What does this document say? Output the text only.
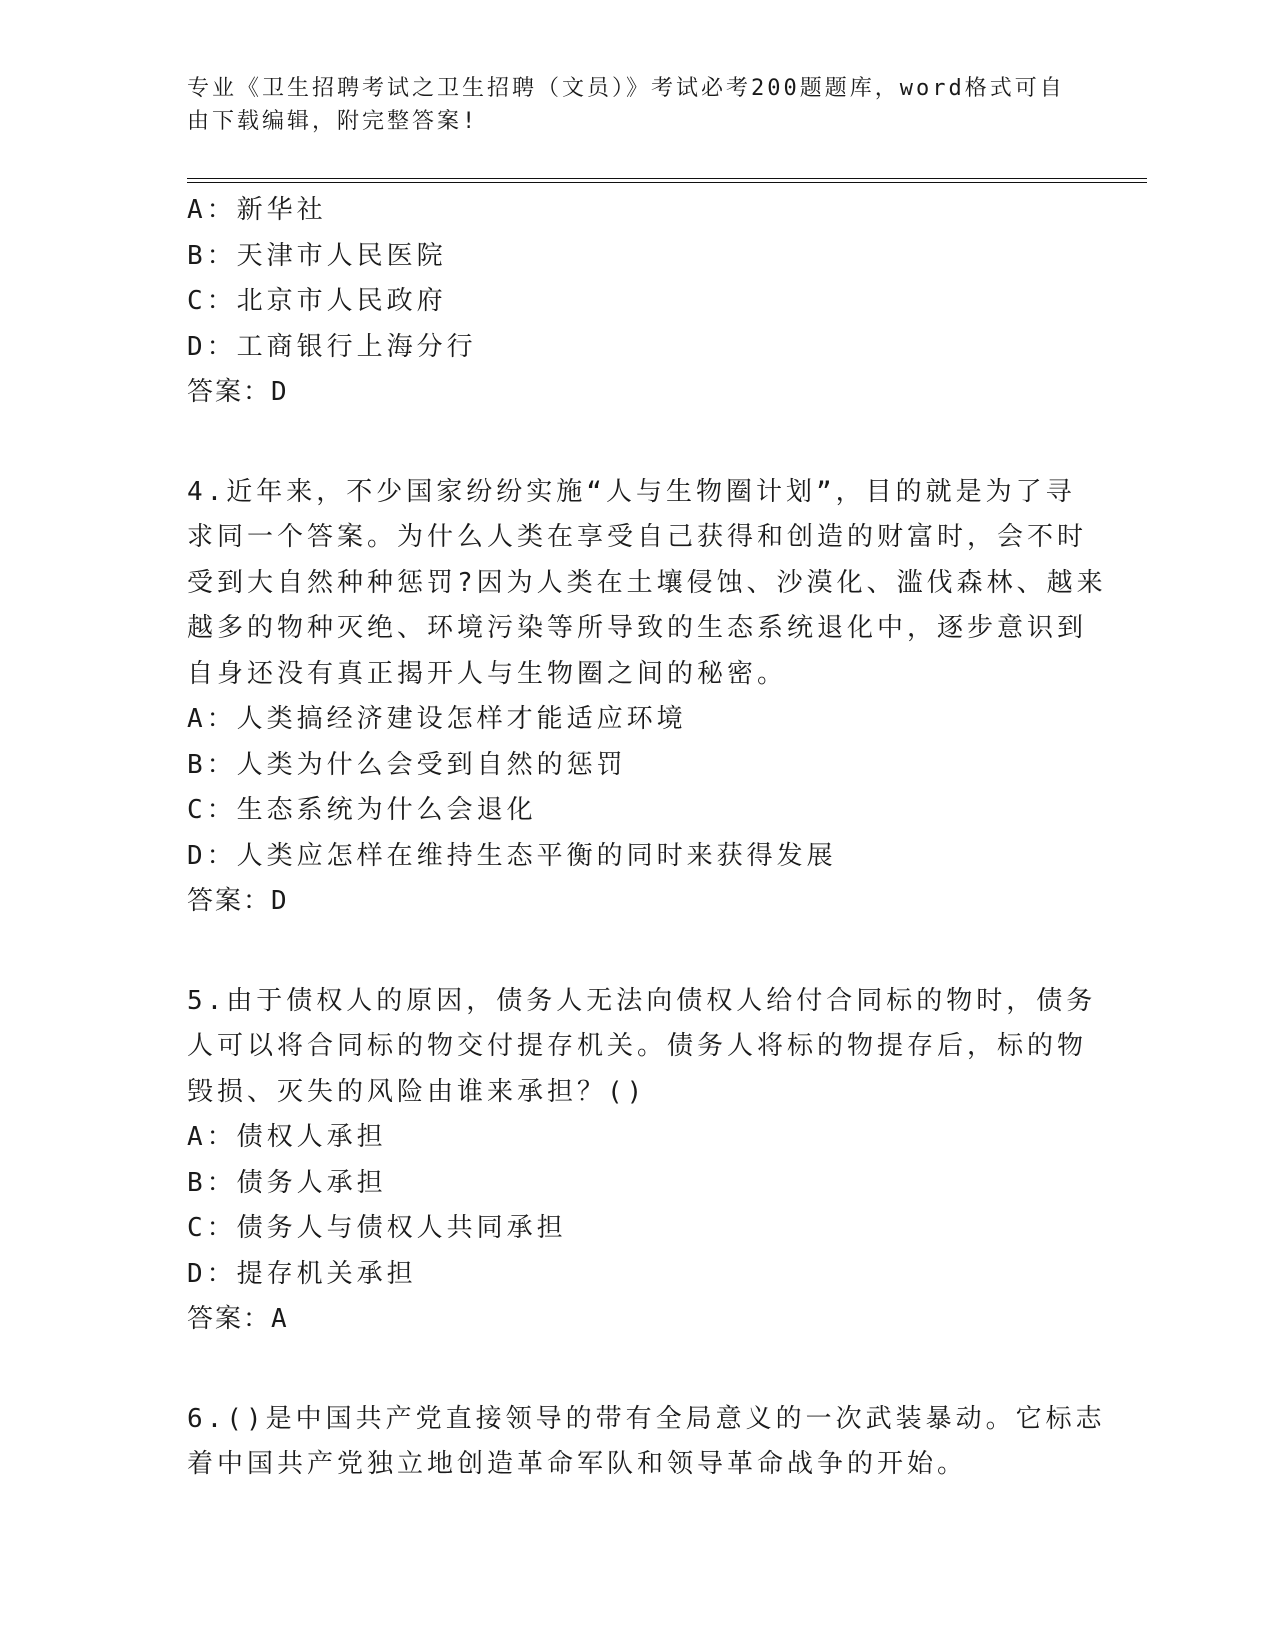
专业《卫生招聘考试之卫生招聘（文员）》考试必考200题题库，word格式可自
由下载编辑，附完整答案!
A：新华社
B：天津市人民医院
C：北京市人民政府
D：工商银行上海分行
答案：D
4.近年来，不少国家纷纷实施“人与生物圈计划”，目的就是为了寻
求同一个答案。为什么人类在享受自己获得和创造的财富时，会不时
受到大自然种种惩罚?因为人类在土壤侵蚀、沙漠化、滥伐森林、越来
越多的物种灭绝、环境污染等所导致的生态系统退化中，逐步意识到
自身还没有真正揭开人与生物圈之间的秘密。
A：人类搞经济建设怎样才能适应环境
B：人类为什么会受到自然的惩罚
C：生态系统为什么会退化
D：人类应怎样在维持生态平衡的同时来获得发展
答案：D
5.由于债权人的原因，债务人无法向债权人给付合同标的物时，债务
人可以将合同标的物交付提存机关。债务人将标的物提存后，标的物
毁损、灭失的风险由谁来承担？()
A：债权人承担
B：债务人承担
C：债务人与债权人共同承担
D：提存机关承担
答案：A
6.()是中国共产党直接领导的带有全局意义的一次武装暴动。它标志
着中国共产党独立地创造革命军队和领导革命战争的开始。
